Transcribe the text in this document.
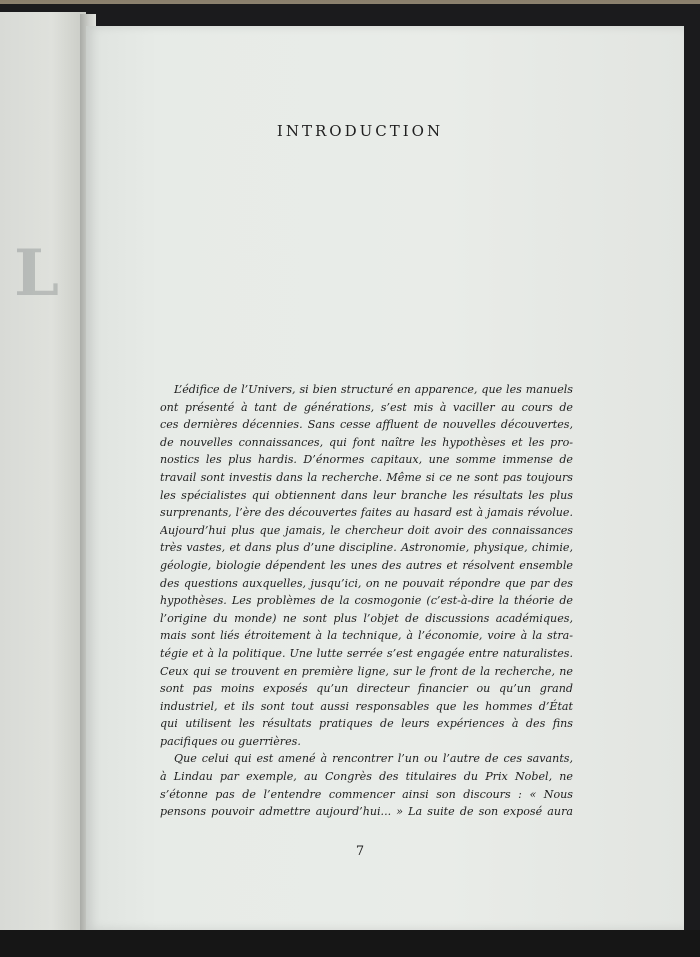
L
INTRODUCTION
L’édifice de l’Univers, si bien structuré en apparence, que les manuels
ont présenté à tant de générations, s’est mis à vaciller au cours de
ces dernières décennies. Sans cesse affluent de nouvelles découvertes,
de nouvelles connaissances, qui font naître les hypothèses et les pro-
nostics les plus hardis. D’énormes capitaux, une somme immense de
travail sont investis dans la recherche. Même si ce ne sont pas toujours
les spécialistes qui obtiennent dans leur branche les résultats les plus
surprenants, l’ère des découvertes faites au hasard est à jamais révolue.
Aujourd’hui plus que jamais, le chercheur doit avoir des connaissances
très vastes, et dans plus d’une discipline. Astronomie, physique, chimie,
géologie, biologie dépendent les unes des autres et résolvent ensemble
des questions auxquelles, jusqu’ici, on ne pouvait répondre que par des
hypothèses. Les problèmes de la cosmogonie (c’est-à-dire la théorie de
l’origine du monde) ne sont plus l’objet de discussions académiques,
mais sont liés étroitement à la technique, à l’économie, voire à la stra-
tégie et à la politique. Une lutte serrée s’est engagée entre naturalistes.
Ceux qui se trouvent en première ligne, sur le front de la recherche, ne
sont pas moins exposés qu’un directeur financier ou qu’un grand
industriel, et ils sont tout aussi responsables que les hommes d’État
qui utilisent les résultats pratiques de leurs expériences à des fins
pacifiques ou guerrières.
Que celui qui est amené à rencontrer l’un ou l’autre de ces savants,
à Lindau par exemple, au Congrès des titulaires du Prix Nobel, ne
s’étonne pas de l’entendre commencer ainsi son discours : « Nous
pensons pouvoir admettre aujourd’hui... » La suite de son exposé aura
7
